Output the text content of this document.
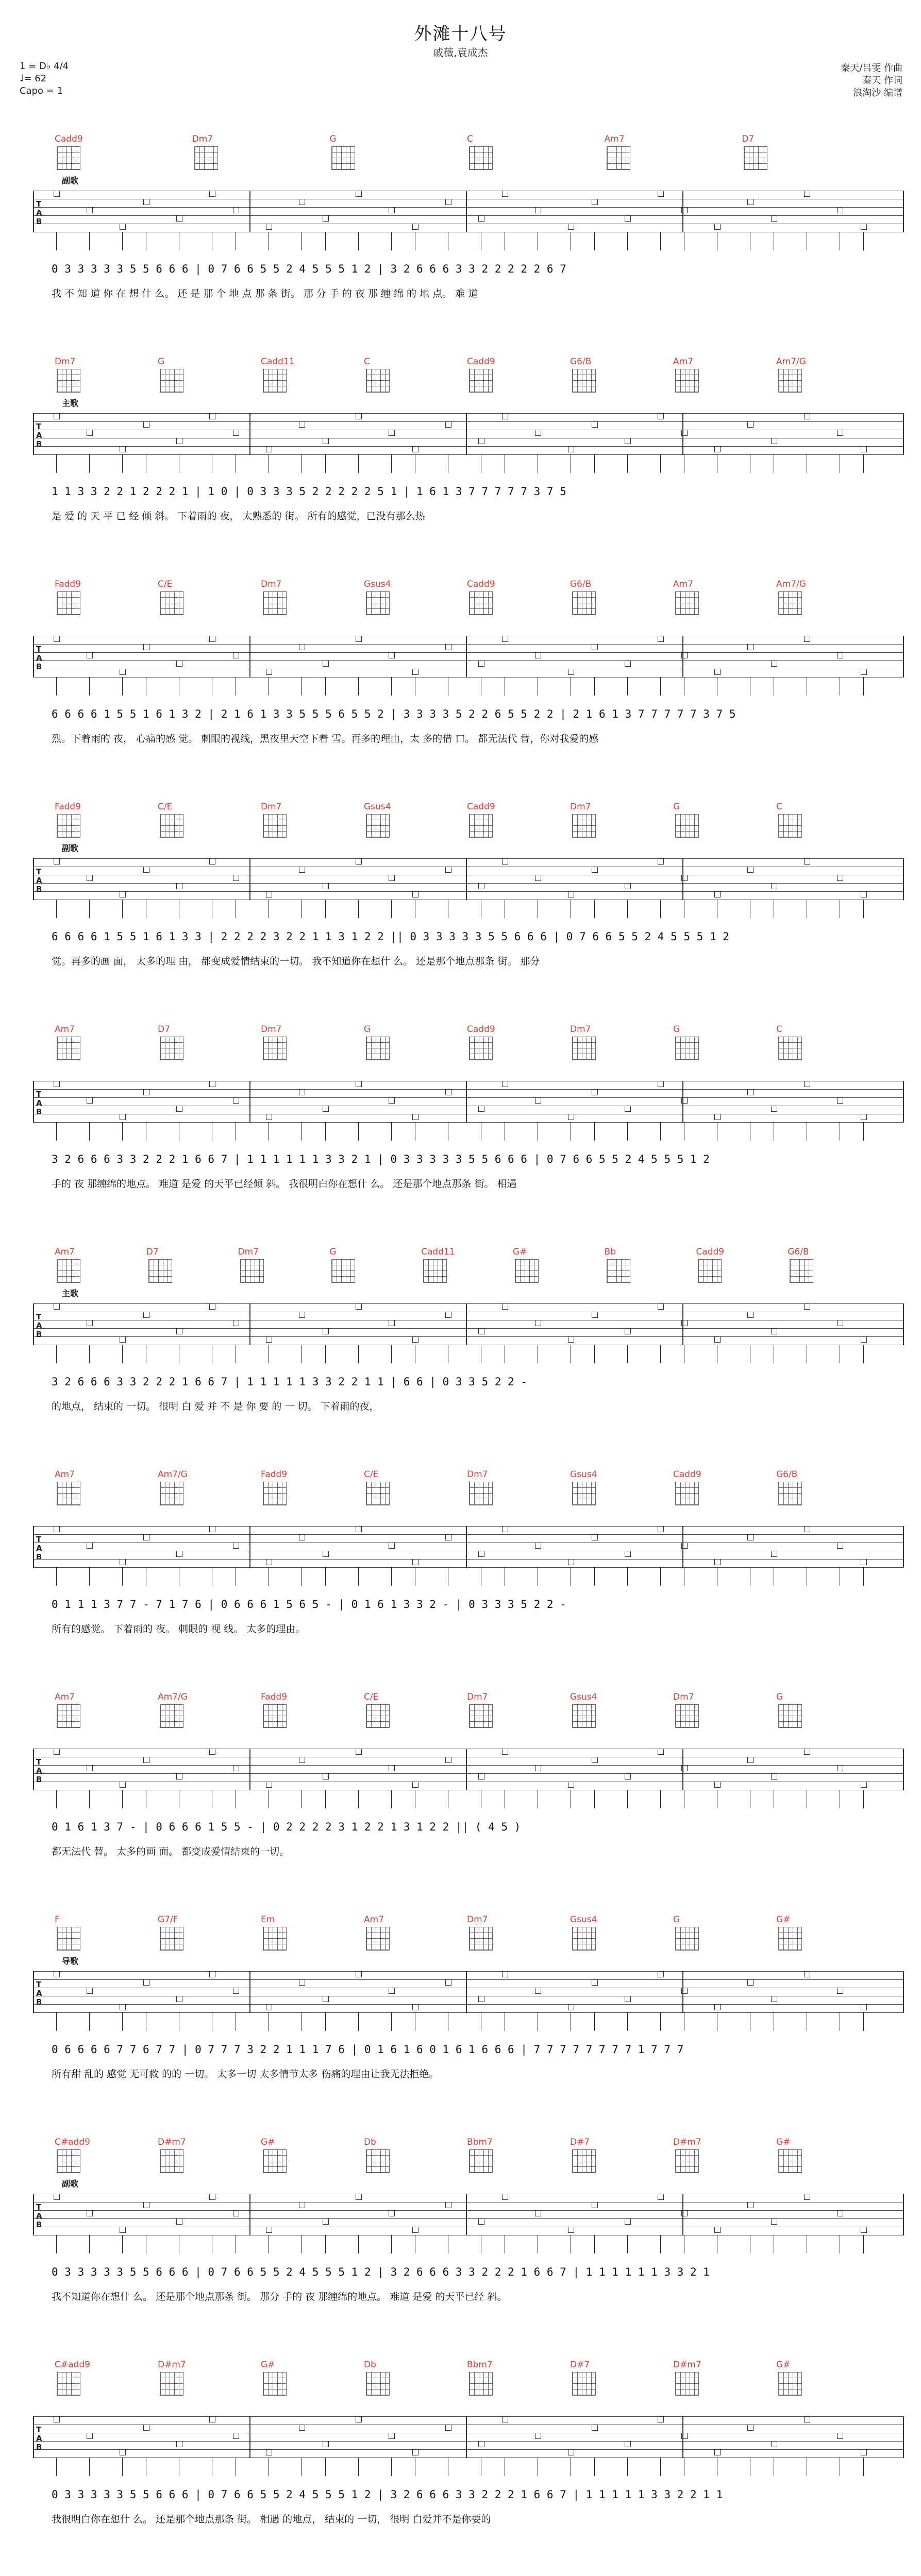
外滩十八号
戚薇,袁成杰
1 = D♭ 4/4
♩= 62
Capo = 1
秦天/吕雯 作曲
秦天 作词
浪淘沙 编谱
Cadd9	Dm7	G	C	Am7	D7
副歌
T
A
B
0 3 3 3 3 3 5 5 6 6 6 | 0 7 6 6 5 5 2 4 5 5 5 1 2 | 3 2 6 6 6 3 3 2 2 2 2 2 6 7
我 不 知 道 你 在 想 什 么。 还 是 那 个 地 点 那 条 街。 那 分 手 的 夜 那 缠 绵 的 地 点。 难 道
Dm7	G	Cadd11	C	Cadd9	G6/B	Am7	Am7/G
主歌
T
A
B
1 1 3 3 2 2 1 2 2 2 1 | 1 0 | 0 3 3 3 5 2 2 2 2 2 5 1 | 1 6 1 3 7 7 7 7 7 3 7 5
是 爱 的 天 平 已 经 倾 斜。 下着雨的 夜， 太熟悉的 街。 所有的感觉，已没有那么热
Fadd9	C/E	Dm7	Gsus4	Cadd9	G6/B	Am7	Am7/G
T
A
B
6 6 6 6 1 5 5 1 6 1 3 2 | 2 1 6 1 3 3 5 5 5 6 5 5 2 | 3 3 3 3 5 2 2 6 5 5 2 2 | 2 1 6 1 3 7 7 7 7 7 3 7 5
烈。下着雨的 夜， 心痛的感 觉。 刺眼的视线，黑夜里天空下着 雪。再多的理由，太 多的借 口。 都无法代 替，你对我爱的感
Fadd9	C/E	Dm7	Gsus4	Cadd9	Dm7	G	C
副歌
T
A
B
6 6 6 6 1 5 5 1 6 1 3 3 | 2 2 2 2 3 2 2 1 1 3 1 2 2 || 0 3 3 3 3 3 5 5 6 6 6 | 0 7 6 6 5 5 2 4 5 5 5 1 2
觉。再多的画 面， 太多的理 由， 都变成爱情结束的一切。 我不知道你在想什 么。 还是那个地点那条 街。 那分
Am7	D7	Dm7	G	Cadd9	Dm7	G	C
T
A
B
3 2 6 6 6 3 3 2 2 2 1 6 6 7 | 1 1 1 1 1 1 3 3 2 1 | 0 3 3 3 3 3 5 5 6 6 6 | 0 7 6 6 5 5 2 4 5 5 5 1 2
手的 夜 那缠绵的地点。 难道 是爱 的天平已经倾 斜。 我很明白你在想什 么。 还是那个地点那条 街。 相遇
Am7	D7	Dm7	G	Cadd11	G#	Bb	Cadd9	G6/B
主歌
T
A
B
3 2 6 6 6 3 3 2 2 2 1 6 6 7 | 1 1 1 1 1 3 3 2 2 1 1 | 6 6 | 0 3 3 5 2 2 -
的地点， 结束的 一切。 很明 白 爱 并 不 是 你 要 的 一 切。 下着雨的夜，
Am7	Am7/G	Fadd9	C/E	Dm7	Gsus4	Cadd9	G6/B
T
A
B
0 1 1 1 3 7 7 - 7 1 7 6 | 0 6 6 6 1 5 6 5 - | 0 1 6 1 3 3 2 - | 0 3 3 3 5 2 2 -
所有的感觉。 下着雨的 夜。 刺眼的 视 线。 太多的理由。
Am7	Am7/G	Fadd9	C/E	Dm7	Gsus4	Dm7	G
T
A
B
0 1 6 1 3 7 - | 0 6 6 6 1 5 5 - | 0 2 2 2 2 3 1 2 2 1 3 1 2 2 || ( 4 5 )
都无法代 替。 太多的画 面。 都变成爱情结束的一切。
F	G7/F	Em	Am7	Dm7	Gsus4	G	G#
导歌
T
A
B
0 6 6 6 6 7 7 6 7 7 | 0 7 7 7 3 2 2 1 1 1 7 6 | 0 1 6 1 6 0 1 6 1 6 6 6 | 7 7 7 7 7 7 7 7 1 7 7 7
所有甜 乱的 感觉 无可救 的的 一切。 太多一切 太多情节太多 伤痛的理由让我无法拒绝。
C#add9	D#m7	G#	Db	Bbm7	D#7	D#m7	G#
副歌
T
A
B
0 3 3 3 3 3 5 5 6 6 6 | 0 7 6 6 5 5 2 4 5 5 5 1 2 | 3 2 6 6 6 3 3 2 2 2 1 6 6 7 | 1 1 1 1 1 1 3 3 2 1
我不知道你在想什 么。 还是那个地点那条 街。 那分 手的 夜 那缠绵的地点。 难道 是爱 的天平已经 斜。
C#add9	D#m7	G#	Db	Bbm7	D#7	D#m7	G#
T
A
B
0 3 3 3 3 3 5 5 6 6 6 | 0 7 6 6 5 5 2 4 5 5 5 1 2 | 3 2 6 6 6 3 3 2 2 2 1 6 6 7 | 1 1 1 1 1 3 3 2 2 1 1
我很明白你在想什 么。 还是那个地点那条 街。 相遇 的地点， 结束的 一切， 很明 白爱并不是你要的
